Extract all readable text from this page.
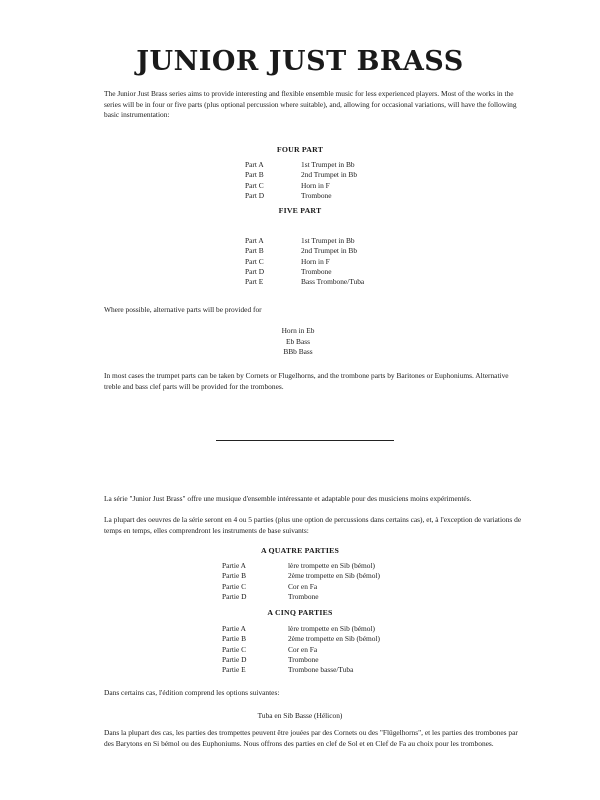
JUNIOR JUST BRASS

The Junior Just Brass series aims to provide interesting and flexible ensemble music for less experienced players. Most of the works in the series will be in four or five parts (plus optional percussion where suitable), and, allowing for occasional variations, will have the following basic instrumentation:

FOUR PART
Part A	1st Trumpet in Bb
Part B	2nd Trumpet in Bb
Part C	Horn in F
Part D	Trombone
FIVE PART
Part A	1st Trumpet in Bb
Part B	2nd Trumpet in Bb
Part C	Horn in F
Part D	Trombone
Part E	Bass Trombone/Tuba

Where possible, alternative parts will be provided for

Horn in Eb
Eb Bass
BBb Bass

In most cases the trumpet parts can be taken by Cornets or Flugelhorns, and the trombone parts by Baritones or Euphoniums. Alternative treble and bass clef parts will be provided for the trombones.

La série "Junior Just Brass" offre une musique d'ensemble intéressante et adaptable pour des musiciens moins expérimentés.

La plupart des oeuvres de la série seront en 4 ou 5 parties (plus une option de percussions dans certains cas), et, à l'exception de variations de temps en temps, elles comprendront les instruments de base suivants:

A QUATRE PARTIES
Partie A	lère trompette en Sib (bémol)
Partie B	2ème trompette en Sib (bémol)
Partie C	Cor en Fa
Partie D	Trombone
A CINQ PARTIES
Partie A	lère trompette en Sib (bémol)
Partie B	2ème trompette en Sib (bémol)
Partie C	Cor en Fa
Partie D	Trombone
Partie E	Trombone basse/Tuba

Dans certains cas, l'édition comprend les options suivantes:

Tuba en Sib Basse (Hélicon)

Dans la plupart des cas, les parties des trompettes peuvent être jouées par des Cornets ou des "Flügelhorns", et les parties des trombones par des Barytons en Si bémol ou des Euphoniums. Nous offrons des parties en clef de Sol et en Clef de Fa au choix pour les trombones.
